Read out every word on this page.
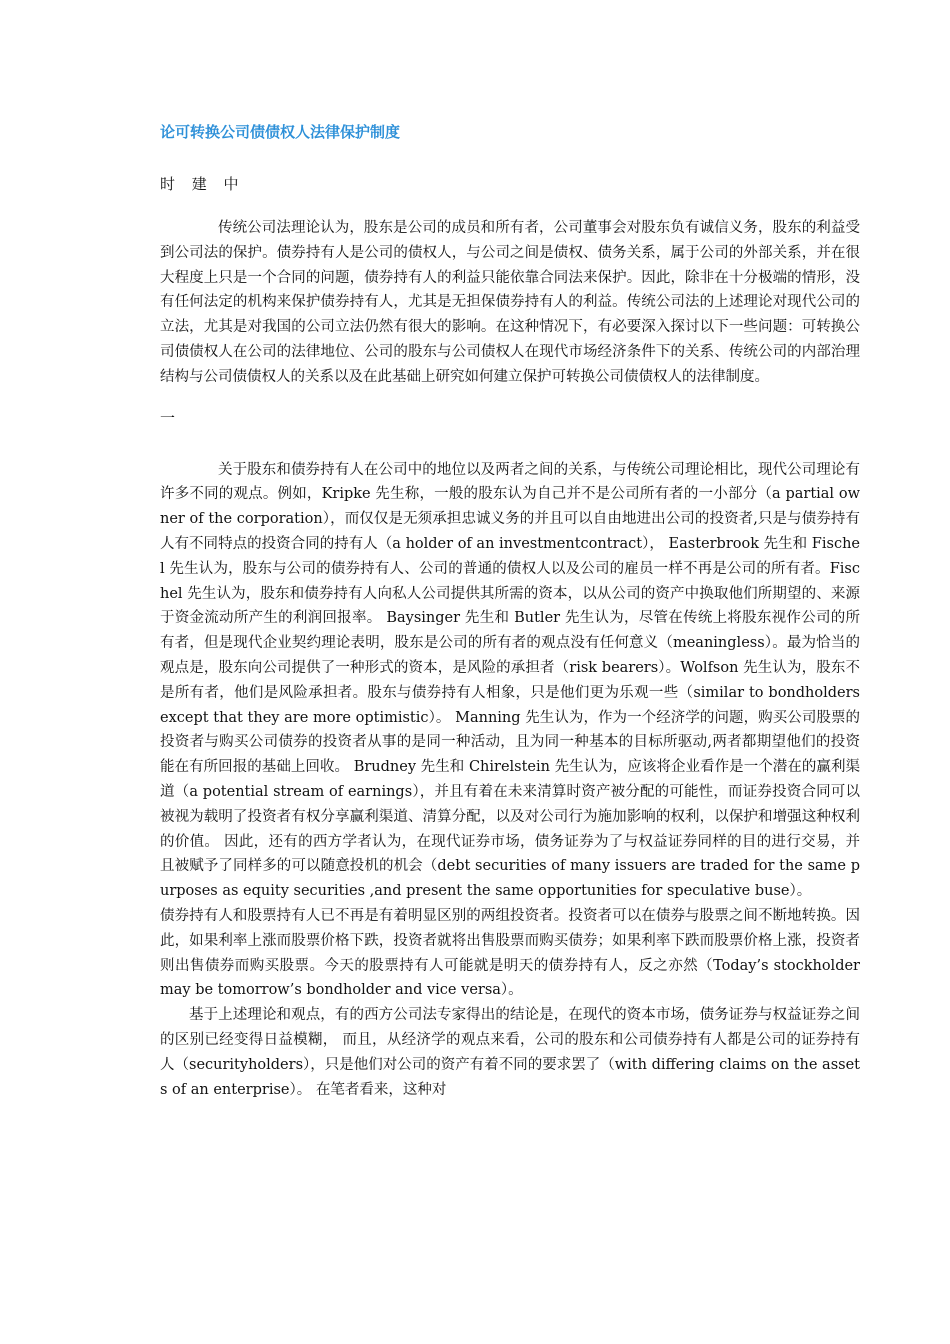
论可转换公司债债权人法律保护制度
时 建 中

传统公司法理论认为，股东是公司的成员和所有者，公司董事会对股东负有诚信义务，股东的利益受到公司法的保护。债券持有人是公司的债权人，与公司之间是债权、债务关系，属于公司的外部关系，并在很大程度上只是一个合同的问题，债券持有人的利益只能依靠合同法来保护。因此，除非在十分极端的情形，没有任何法定的机构来保护债券持有人，尤其是无担保债券持有人的利益。传统公司法的上述理论对现代公司的立法，尤其是对我国的公司立法仍然有很大的影响。在这种情况下，有必要深入探讨以下一些问题：可转换公司债债权人在公司的法律地位、公司的股东与公司债权人在现代市场经济条件下的关系、传统公司的内部治理结构与公司债债权人的关系以及在此基础上研究如何建立保护可转换公司债债权人的法律制度。

一

关于股东和债券持有人在公司中的地位以及两者之间的关系，与传统公司理论相比，现代公司理论有许多不同的观点。例如，Kripke 先生称，一般的股东认为自己并不是公司所有者的一小部分（a partial owner of the corporation），而仅仅是无须承担忠诚义务的并且可以自由地进出公司的投资者,只是与债券持有人有不同特点的投资合同的持有人（a holder of an investmentcontract）， Easterbrook 先生和 Fischel 先生认为，股东与公司的债券持有人、公司的普通的债权人以及公司的雇员一样不再是公司的所有者。Fischel 先生认为，股东和债券持有人向私人公司提供其所需的资本，以从公司的资产中换取他们所期望的、来源于资金流动所产生的利润回报率。 Baysinger 先生和 Butler 先生认为，尽管在传统上将股东视作公司的所有者，但是现代企业契约理论表明，股东是公司的所有者的观点没有任何意义（meaningless）。最为恰当的观点是，股东向公司提供了一种形式的资本，是风险的承担者（risk bearers）。Wolfson 先生认为，股东不是所有者，他们是风险承担者。股东与债券持有人相象，只是他们更为乐观一些（similar to bondholders except that they are more optimistic）。 Manning 先生认为，作为一个经济学的问题，购买公司股票的投资者与购买公司债券的投资者从事的是同一种活动，且为同一种基本的目标所驱动,两者都期望他们的投资能在有所回报的基础上回收。 Brudney 先生和 Chirelstein 先生认为，应该将企业看作是一个潜在的赢利渠道（a potential stream of earnings），并且有着在未来清算时资产被分配的可能性，而证券投资合同可以被视为载明了投资者有权分享赢利渠道、清算分配，以及对公司行为施加影响的权利，以保护和增强这种权利的价值。 因此，还有的西方学者认为，在现代证券市场，债务证券为了与权益证券同样的目的进行交易，并且被赋予了同样多的可以随意投机的机会（debt securities of many issuers are traded for the same purposes as equity securities ,and present the same opportunities for speculative buse）。

债券持有人和股票持有人已不再是有着明显区别的两组投资者。投资者可以在债券与股票之间不断地转换。因此，如果利率上涨而股票价格下跌，投资者就将出售股票而购买债券；如果利率下跌而股票价格上涨，投资者则出售债券而购买股票。今天的股票持有人可能就是明天的债券持有人，反之亦然（Today’s stockholder may be tomorrow’s bondholder and vice versa）。

基于上述理论和观点，有的西方公司法专家得出的结论是，在现代的资本市场，债务证券与权益证券之间的区别已经变得日益模糊， 而且，从经济学的观点来看，公司的股东和公司债券持有人都是公司的证券持有人（securityholders），只是他们对公司的资产有着不同的要求罢了（with differing claims on the assets of an enterprise）。 在笔者看来，这种对
